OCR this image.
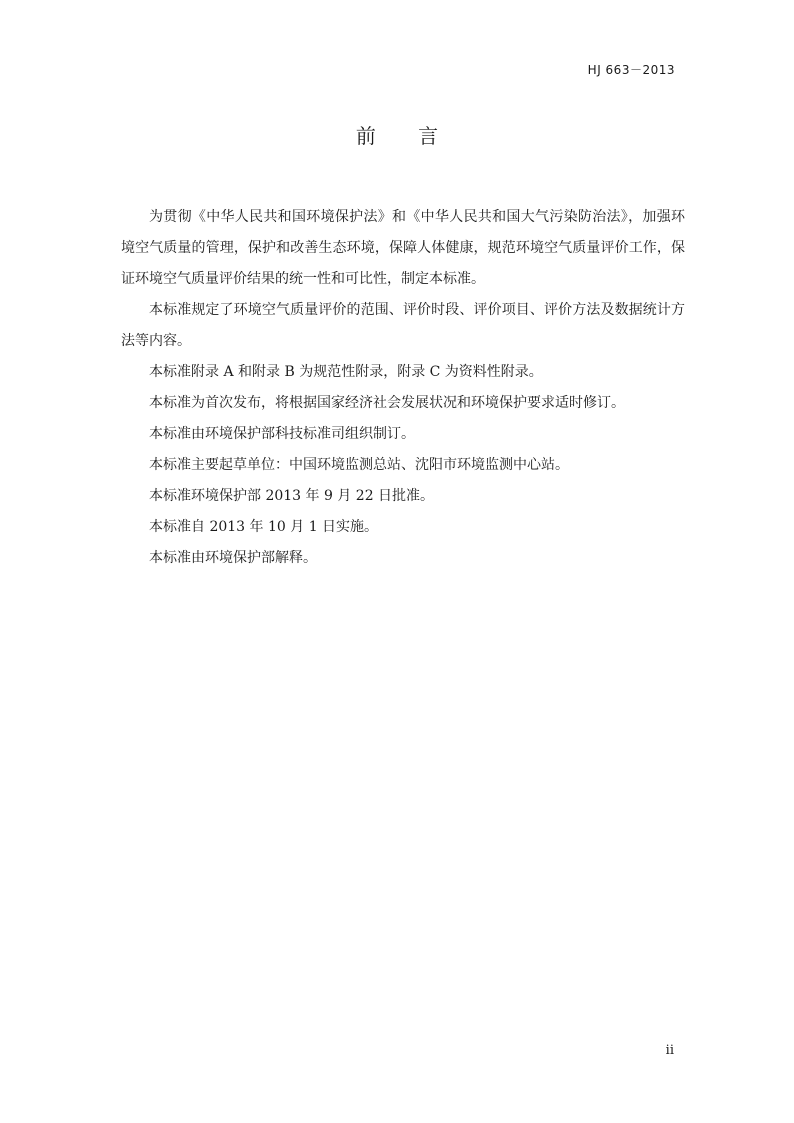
HJ 663－2013
前 言

为贯彻《中华人民共和国环境保护法》和《中华人民共和国大气污染防治法》，加强环境空气质量的管理，保护和改善生态环境，保障人体健康，规范环境空气质量评价工作，保证环境空气质量评价结果的统一性和可比性，制定本标准。

本标准规定了环境空气质量评价的范围、评价时段、评价项目、评价方法及数据统计方法等内容。

本标准附录 A 和附录 B 为规范性附录，附录 C 为资料性附录。

本标准为首次发布，将根据国家经济社会发展状况和环境保护要求适时修订。

本标准由环境保护部科技标准司组织制订。

本标准主要起草单位：中国环境监测总站、沈阳市环境监测中心站。

本标准环境保护部 2013 年 9 月 22 日批准。

本标准自 2013 年 10 月 1 日实施。

本标准由环境保护部解释。

ii
